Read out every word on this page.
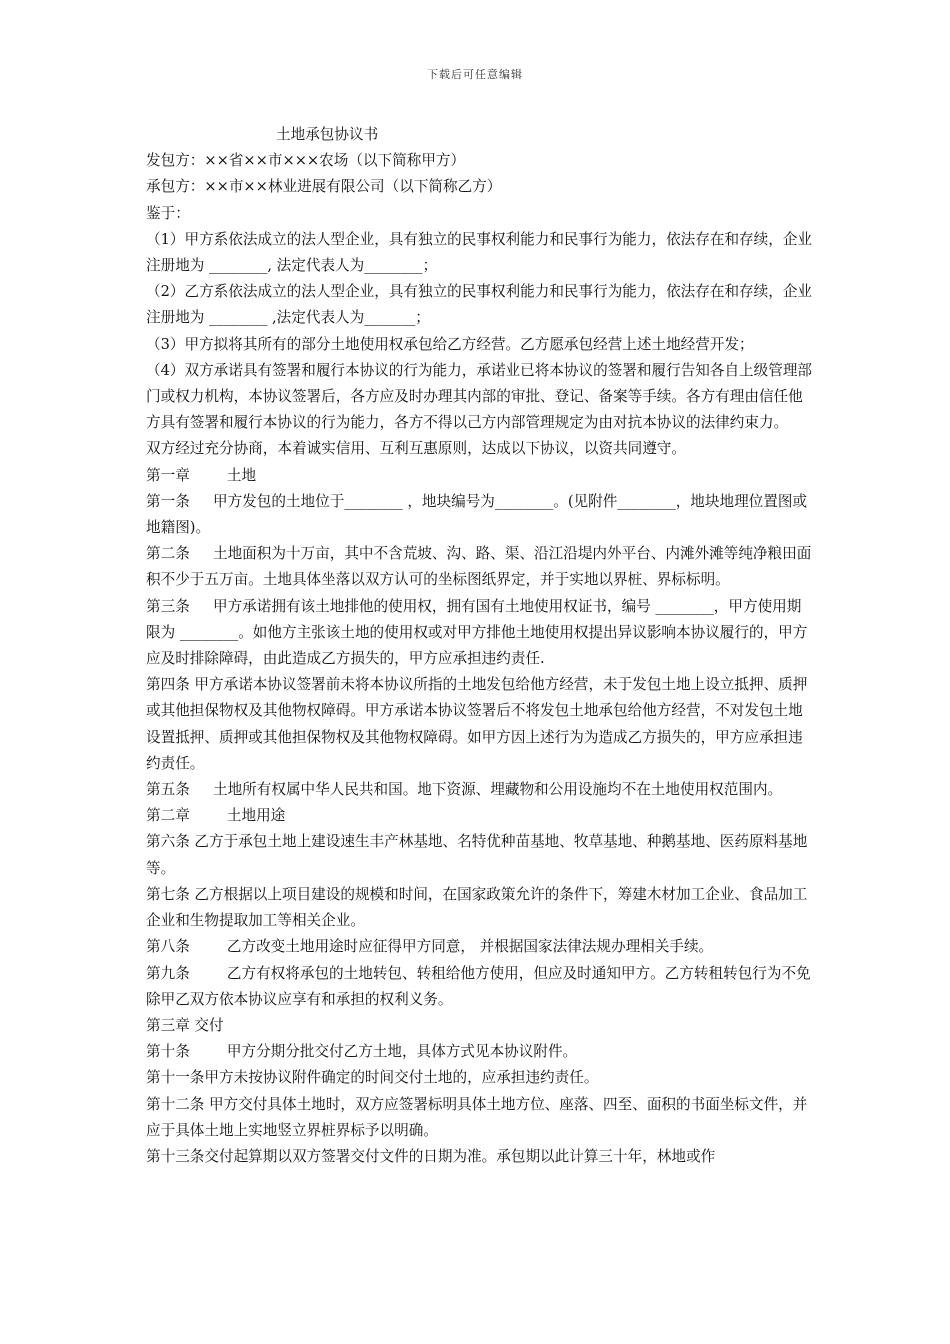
下载后可任意编辑

土地承包协议书

发包方：××省××市×××农场（以下简称甲方）

承包方：××市××林业进展有限公司（以下简称乙方）

鉴于：

（1）甲方系依法成立的法人型企业，具有独立的民事权利能力和民事行为能力，依法存在和存续，企业注册地为 ________, 法定代表人为________；

（2）乙方系依法成立的法人型企业，具有独立的民事权利能力和民事行为能力，依法存在和存续，企业注册地为 ________ ,法定代表人为_______；

（3）甲方拟将其所有的部分土地使用权承包给乙方经营。乙方愿承包经营上述土地经营开发；

（4）双方承诺具有签署和履行本协议的行为能力，承诺业已将本协议的签署和履行告知各自上级管理部门或权力机构，本协议签署后，各方应及时办理其内部的审批、登记、备案等手续。各方有理由信任他方具有签署和履行本协议的行为能力，各方不得以己方内部管理规定为由对抗本协议的法律约束力。

双方经过充分协商，本着诚实信用、互利互惠原则，达成以下协议，以资共同遵守。

第一章        土地

第一条     甲方发包的土地位于________ ，地块编号为________。(见附件________，地块地理位置图或地籍图)。

第二条     土地面积为十万亩，其中不含荒坡、沟、路、渠、沿江沿堤内外平台、内滩外滩等纯净粮田面积不少于五万亩。土地具体坐落以双方认可的坐标图纸界定，并于实地以界桩、界标标明。

第三条     甲方承诺拥有该土地排他的使用权，拥有国有土地使用权证书，编号 ________，甲方使用期限为 ________。如他方主张该土地的使用权或对甲方排他土地使用权提出异议影响本协议履行的，甲方应及时排除障碍，由此造成乙方损失的，甲方应承担违约责任.

第四条 甲方承诺本协议签署前未将本协议所指的土地发包给他方经营，未于发包土地上设立抵押、质押或其他担保物权及其他物权障碍。甲方承诺本协议签署后不将发包土地承包给他方经营，不对发包土地设置抵押、质押或其他担保物权及其他物权障碍。如甲方因上述行为为造成乙方损失的，甲方应承担违约责任。

第五条     土地所有权属中华人民共和国。地下资源、埋藏物和公用设施均不在土地使用权范围内。

第二章        土地用途

第六条 乙方于承包土地上建设速生丰产林基地、名特优种苗基地、牧草基地、种鹅基地、医药原料基地等。

第七条 乙方根据以上项目建设的规模和时间，在国家政策允许的条件下，筹建木材加工企业、食品加工企业和生物提取加工等相关企业。

第八条        乙方改变土地用途时应征得甲方同意， 并根据国家法律法规办理相关手续。

第九条        乙方有权将承包的土地转包、转租给他方使用，但应及时通知甲方。乙方转租转包行为不免除甲乙双方依本协议应享有和承担的权利义务。

第三章 交付

第十条        甲方分期分批交付乙方土地，具体方式见本协议附件。

第十一条甲方未按协议附件确定的时间交付土地的，应承担违约责任。

第十二条 甲方交付具体土地时，双方应签署标明具体土地方位、座落、四至、面积的书面坐标文件，并应于具体土地上实地竖立界桩界标予以明确。

第十三条交付起算期以双方签署交付文件的日期为准。承包期以此计算三十年，林地或作
